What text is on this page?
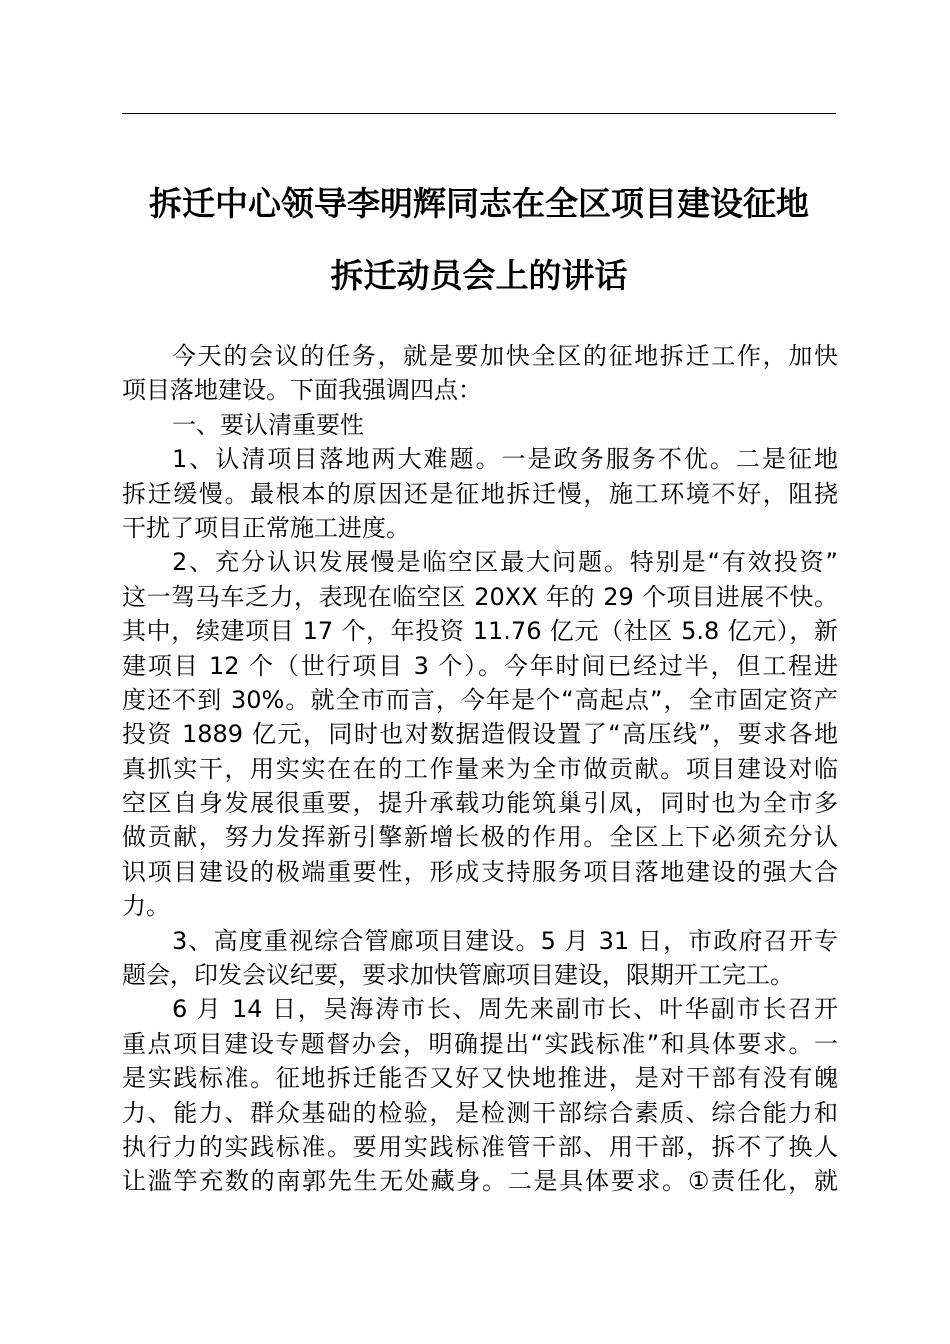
拆迁中心领导李明辉同志在全区项目建设征地
拆迁动员会上的讲话
今天的会议的任务，就是要加快全区的征地拆迁工作，加快
项目落地建设。下面我强调四点：
一、要认清重要性
1、认清项目落地两大难题。一是政务服务不优。二是征地
拆迁缓慢。最根本的原因还是征地拆迁慢，施工环境不好，阻挠
干扰了项目正常施工进度。
2、充分认识发展慢是临空区最大问题。特别是“有效投资”
这一驾马车乏力，表现在临空区 20XX 年的 29 个项目进展不快。
其中，续建项目 17 个，年投资 11.76 亿元（社区 5.8 亿元），新
建项目 12 个（世行项目 3 个）。今年时间已经过半，但工程进
度还不到 30%。就全市而言，今年是个“高起点”，全市固定资产
投资 1889 亿元，同时也对数据造假设置了“高压线”，要求各地
真抓实干，用实实在在的工作量来为全市做贡献。项目建设对临
空区自身发展很重要，提升承载功能筑巢引凤，同时也为全市多
做贡献，努力发挥新引擎新增长极的作用。全区上下必须充分认
识项目建设的极端重要性，形成支持服务项目落地建设的强大合
力。
3、高度重视综合管廊项目建设。5 月 31 日，市政府召开专
题会，印发会议纪要，要求加快管廊项目建设，限期开工完工。
6 月 14 日，吴海涛市长、周先来副市长、叶华副市长召开
重点项目建设专题督办会，明确提出“实践标准”和具体要求。一
是实践标准。征地拆迁能否又好又快地推进，是对干部有没有魄
力、能力、群众基础的检验，是检测干部综合素质、综合能力和
执行力的实践标准。要用实践标准管干部、用干部，拆不了换人
让滥竽充数的南郭先生无处藏身。二是具体要求。①责任化，就
